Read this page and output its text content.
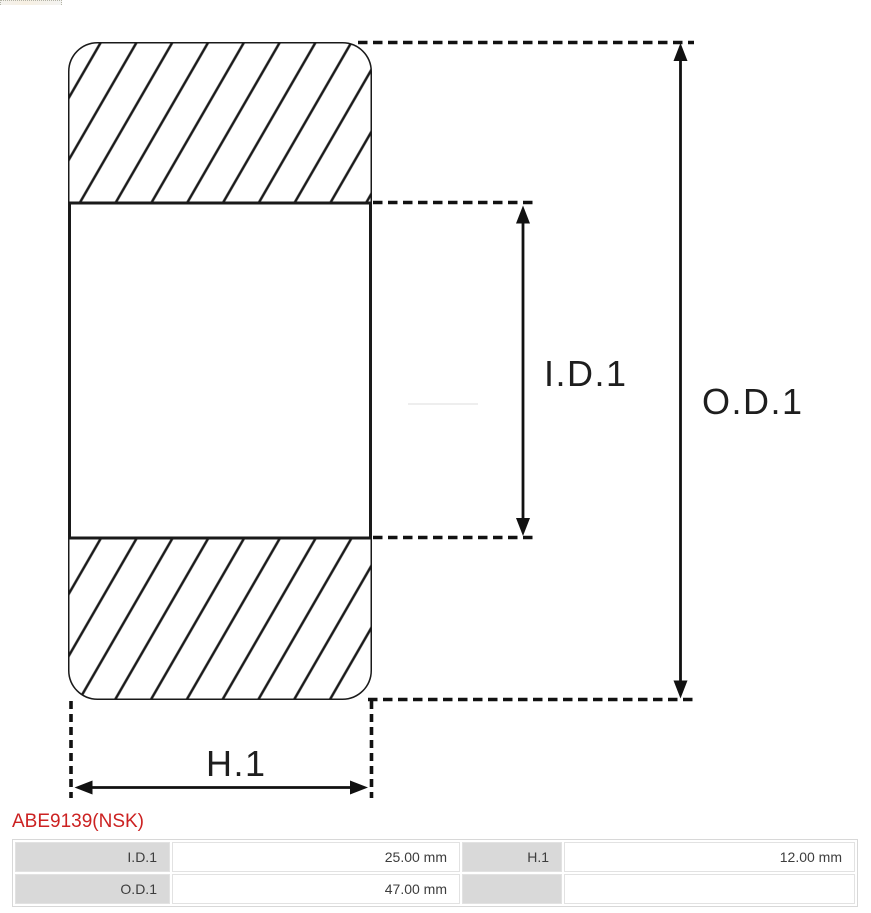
I.D.1
O.D.1
H.1
ABE9139(NSK)
I.D.1	25.00 mm	H.1	12.00 mm
O.D.1	47.00 mm		
